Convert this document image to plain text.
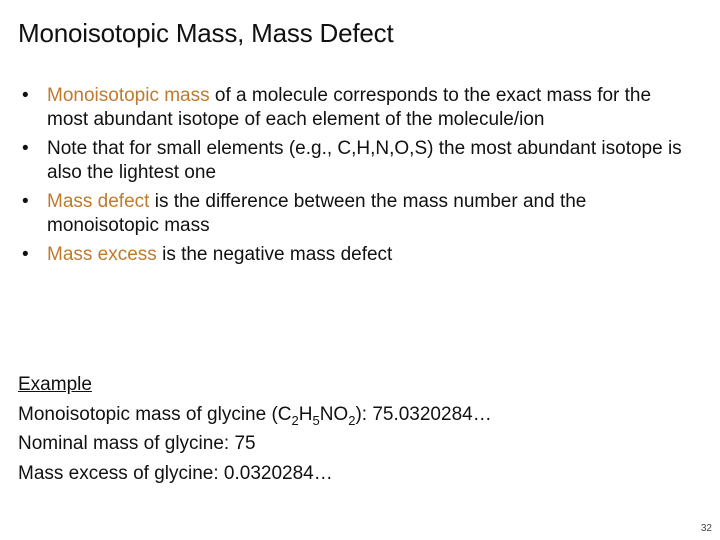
Monoisotopic Mass, Mass Defect
• Monoisotopic mass of a molecule corresponds to the exact mass for the most abundant isotope of each element of the molecule/ion
• Note that for small elements (e.g., C,H,N,O,S) the most abundant isotope is also the lightest one
• Mass defect is the difference between the mass number and the monoisotopic mass
• Mass excess is the negative mass defect
Example
Monoisotopic mass of glycine $(C_2H_5NO_2)$: 75.0320284…
Nominal mass of glycine: 75
Mass excess of glycine: 0.0320284…
32
